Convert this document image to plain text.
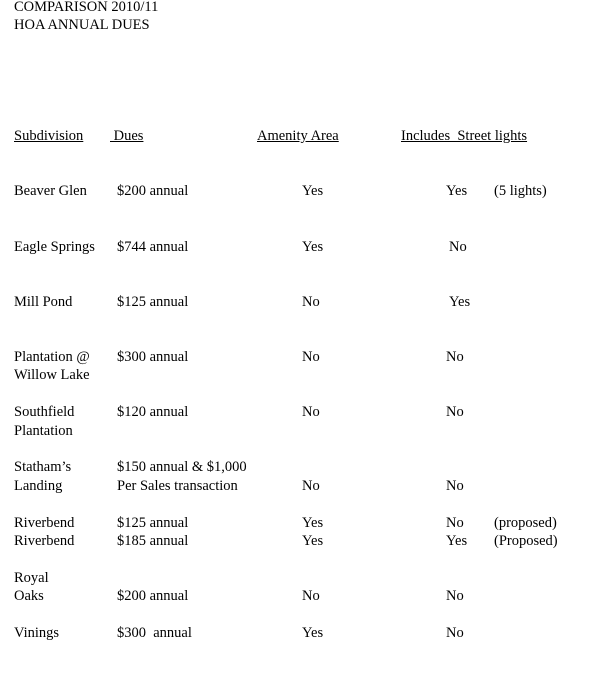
COMPARISON 2010/11
HOA ANNUAL DUES
Subdivision Dues	Amenity Area	Includes  Street lights
Beaver Glen $200 annual	Yes	Yes (5 lights)
Eagle Springs $744 annual	Yes	No
Mill Pond	$125 annual	No	Yes
Plantation @
Willow Lake
$300 annual	No	No
Southfield
Plantation
$120 annual	No	No
Statham’s
Landing
$150 annual & $1,000
Per Sales transaction	No	No
Riverbend	$125 annual	Yes	No (proposed)
Riverbend	$185 annual	Yes	Yes (Proposed)
Royal
Oaks	$200 annual	No	No
Vinings	$300  annual	Yes	No
